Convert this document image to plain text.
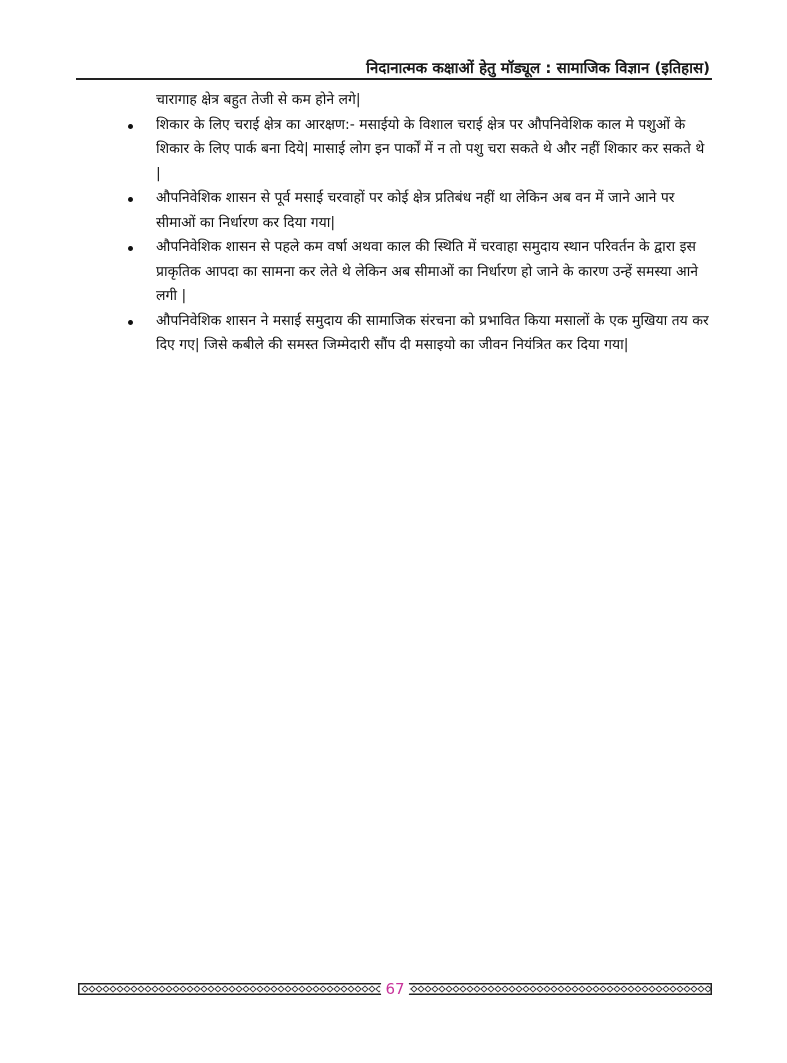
निदानात्मक कक्षाओं हेतु मॉड्यूल : सामाजिक विज्ञान (इतिहास)

चारागाह क्षेत्र बहुत तेजी से कम होने लगे|

शिकार के लिए चराई क्षेत्र का आरक्षण:- मसाईयो के विशाल चराई क्षेत्र पर औपनिवेशिक काल मे पशुओं के शिकार के लिए पार्क बना दिये| मासाई लोग इन पार्कों में न तो पशु चरा सकते थे और नहीं शिकार कर सकते थे |
औपनिवेशिक शासन से पूर्व मसाई चरवाहों पर कोई क्षेत्र प्रतिबंध नहीं था लेकिन अब वन में जाने आने पर सीमाओं का निर्धारण कर दिया गया|
औपनिवेशिक शासन से पहले कम वर्षा अथवा काल की स्थिति में चरवाहा समुदाय स्थान परिवर्तन के द्वारा इस प्राकृतिक आपदा का सामना कर लेते थे लेकिन अब सीमाओं का निर्धारण हो जाने के कारण उन्हें समस्या आने लगी |
औपनिवेशिक शासन ने मसाई समुदाय की सामाजिक संरचना को प्रभावित किया मसालों के एक मुखिया तय कर दिए गए| जिसे कबीले की समस्त जिम्मेदारी सौंप दी मसाइयो का जीवन नियंत्रित कर दिया गया|
67
